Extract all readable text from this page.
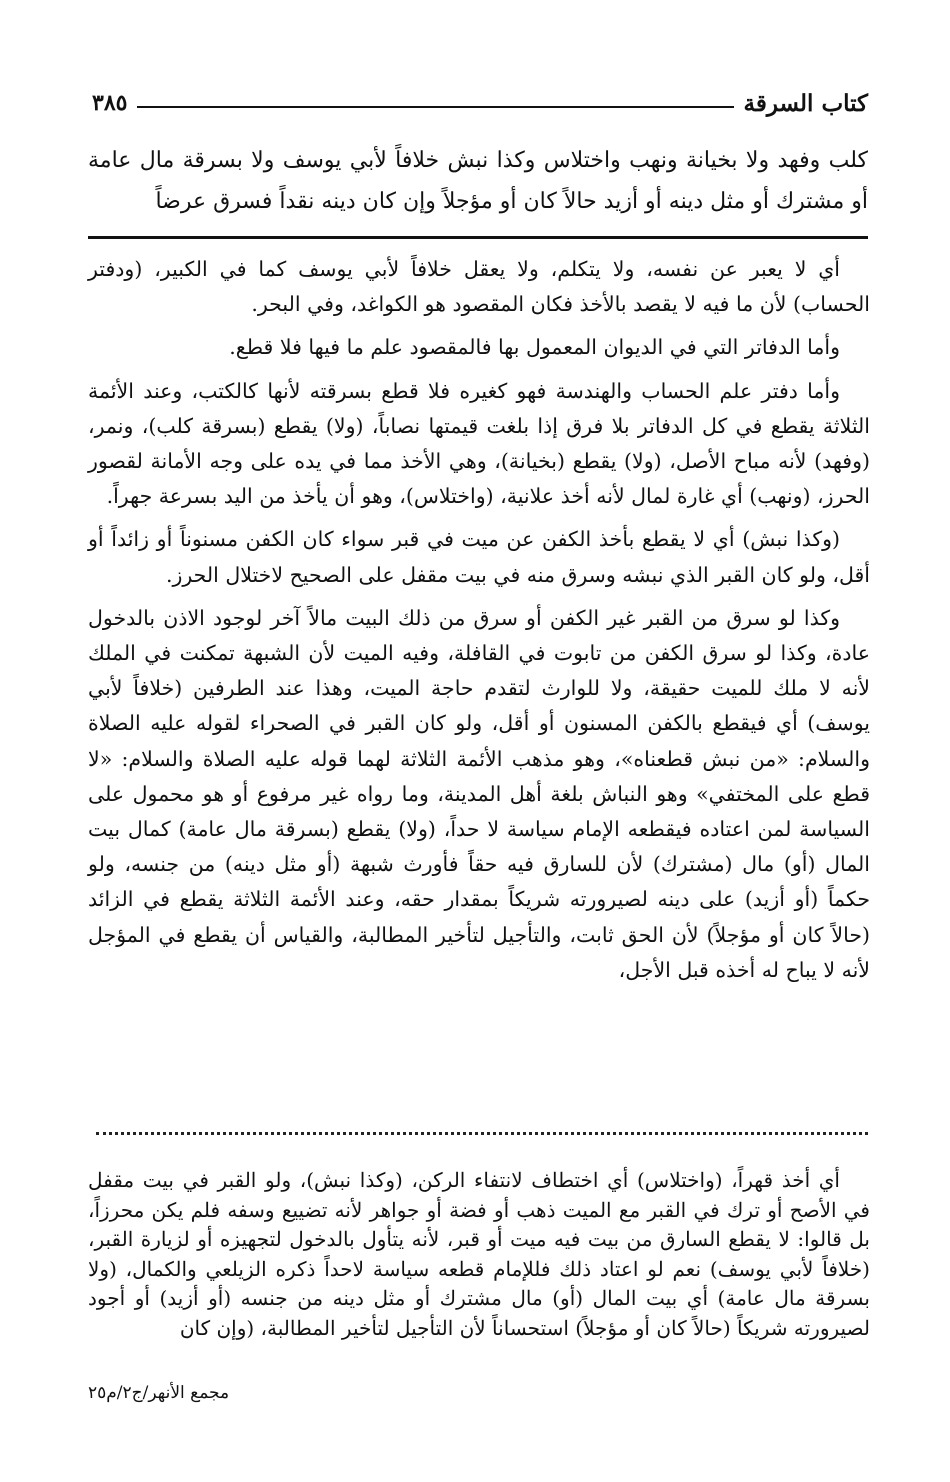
كتاب السرقة
٣٨٥

كلب وفهد ولا بخيانة ونهب واختلاس وكذا نبش خلافاً لأبي يوسف ولا بسرقة مال عامة أو مشترك أو مثل دينه أو أزيد حالاً كان أو مؤجلاً وإن كان دينه نقداً فسرق عرضاً

أي لا يعبر عن نفسه، ولا يتكلم، ولا يعقل خلافاً لأبي يوسف كما في الكبير، (ودفتر الحساب) لأن ما فيه لا يقصد بالأخذ فكان المقصود هو الكواغد، وفي البحر.

وأما الدفاتر التي في الديوان المعمول بها فالمقصود علم ما فيها فلا قطع.

وأما دفتر علم الحساب والهندسة فهو كغيره فلا قطع بسرقته لأنها كالكتب، وعند الأئمة الثلاثة يقطع في كل الدفاتر بلا فرق إذا بلغت قيمتها نصاباً، (ولا) يقطع (بسرقة كلب)، ونمر، (وفهد) لأنه مباح الأصل، (ولا) يقطع (بخيانة)، وهي الأخذ مما في يده على وجه الأمانة لقصور الحرز، (ونهب) أي غارة لمال لأنه أخذ علانية، (واختلاس)، وهو أن يأخذ من اليد بسرعة جهراً.

(وكذا نبش) أي لا يقطع بأخذ الكفن عن ميت في قبر سواء كان الكفن مسنوناً أو زائداً أو أقل، ولو كان القبر الذي نبشه وسرق منه في بيت مقفل على الصحيح لاختلال الحرز.

وكذا لو سرق من القبر غير الكفن أو سرق من ذلك البيت مالاً آخر لوجود الاذن بالدخول عادة، وكذا لو سرق الكفن من تابوت في القافلة، وفيه الميت لأن الشبهة تمكنت في الملك لأنه لا ملك للميت حقيقة، ولا للوارث لتقدم حاجة الميت، وهذا عند الطرفين (خلافاً لأبي يوسف) أي فيقطع بالكفن المسنون أو أقل، ولو كان القبر في الصحراء لقوله عليه الصلاة والسلام: «من نبش قطعناه»، وهو مذهب الأئمة الثلاثة لهما قوله عليه الصلاة والسلام: «لا قطع على المختفي» وهو النباش بلغة أهل المدينة، وما رواه غير مرفوع أو هو محمول على السياسة لمن اعتاده فيقطعه الإمام سياسة لا حداً، (ولا) يقطع (بسرقة مال عامة) كمال بيت المال (أو) مال (مشترك) لأن للسارق فيه حقاً فأورث شبهة (أو مثل دينه) من جنسه، ولو حكماً (أو أزيد) على دينه لصيرورته شريكاً بمقدار حقه، وعند الأئمة الثلاثة يقطع في الزائد (حالاً كان أو مؤجلاً) لأن الحق ثابت، والتأجيل لتأخير المطالبة، والقياس أن يقطع في المؤجل لأنه لا يباح له أخذه قبل الأجل،

أي أخذ قهراً، (واختلاس) أي اختطاف لانتفاء الركن، (وكذا نبش)، ولو القبر في بيت مقفل في الأصح أو ترك في القبر مع الميت ذهب أو فضة أو جواهر لأنه تضييع وسفه فلم يكن محرزاً، بل قالوا: لا يقطع السارق من بيت فيه ميت أو قبر، لأنه يتأول بالدخول لتجهيزه أو لزيارة القبر، (خلافاً لأبي يوسف) نعم لو اعتاد ذلك فللإمام قطعه سياسة لاحداً ذكره الزيلعي والكمال، (ولا بسرقة مال عامة) أي بيت المال (أو) مال مشترك أو مثل دينه من جنسه (أو أزيد) أو أجود لصيرورته شريكاً (حالاً كان أو مؤجلاً) استحساناً لأن التأجيل لتأخير المطالبة، (وإن كان

مجمع الأنهر/ج٢/م٢٥
